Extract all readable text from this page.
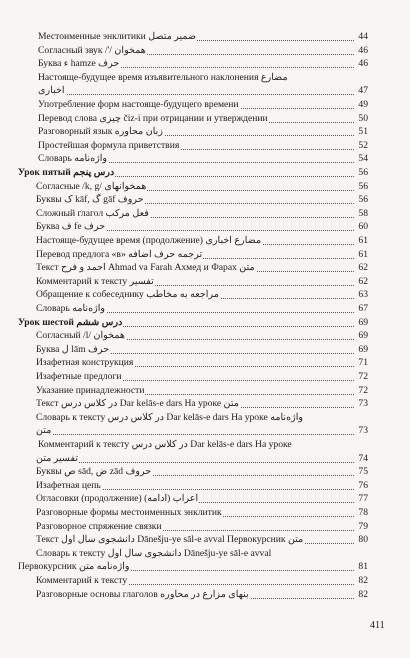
Местоименные энклитики ضمیر متصل	44
Согласный звук /'/ همخوان	46
Буква ء hamze حرف	46
Настояще-будущее время изъявительного наклонения مضارع
اخباری	47
Употребление форм настояще-будущего времени	49
Перевод слова چیزی čiz-i при отрицании и утверждении	50
Разговорный язык زبان محاوره	51
Простейшая формула приветствия	52
Словарь واژه‌نامه	54
Урок пятый درس پنجم	56
Согласные /k, g/ همخوانهای	56
Буквы ک kāf, گ gāf حروف	56
Сложный глагол فعل مرکب	58
Буква ف fe حرف	60
Настояще-будущее время (продолжение) مضارع اخباری	61
Перевод предлога «в» ترجمه حرف اضافه	61
Текст احمد و فرح Ahmad va Farah Ахмед и Фарах متن	62
Комментарий к тексту تفسیر	62
Обращение к собеседнику مراجعه به مخاطب	63
Словарь واژه‌نامه	67
Урок шестой درس ششم	69
Согласный /l/ همخوان	69
Буква ل lām حرف	69
Изафетная конструкция	71
Изафетные предлоги	72
Указание принадлежности	72
Текст در کلاس درس Dar kelās-e dars На уроке متن	73
Словарь к тексту در کلاس درس Dar kelās-e dars На уроке واژه‌نامه
متن	73
Комментарий к тексту در کلاس درس Dar kelās-e dars На уроке
تفسیر متن	74
Буквы ص sād, ض zād حروف	75
Изафетная цепь	76
Огласовки (продолжение) اعراب (ادامه)	77
Разговорные формы местоименных энклитик	78
Разговорное спряжение связки	79
Текст دانشجوی سال اول Dānešju-ye sāl-e avval Первокурсник متن	80
Словарь к тексту دانشجوی سال اول Dānešju-ye sāl-e avval
Первокурсник واژه‌نامه متن	81
Комментарий к тексту	82
Разговорные основы глаголов بنهای مزارع در محاوره	82
411
